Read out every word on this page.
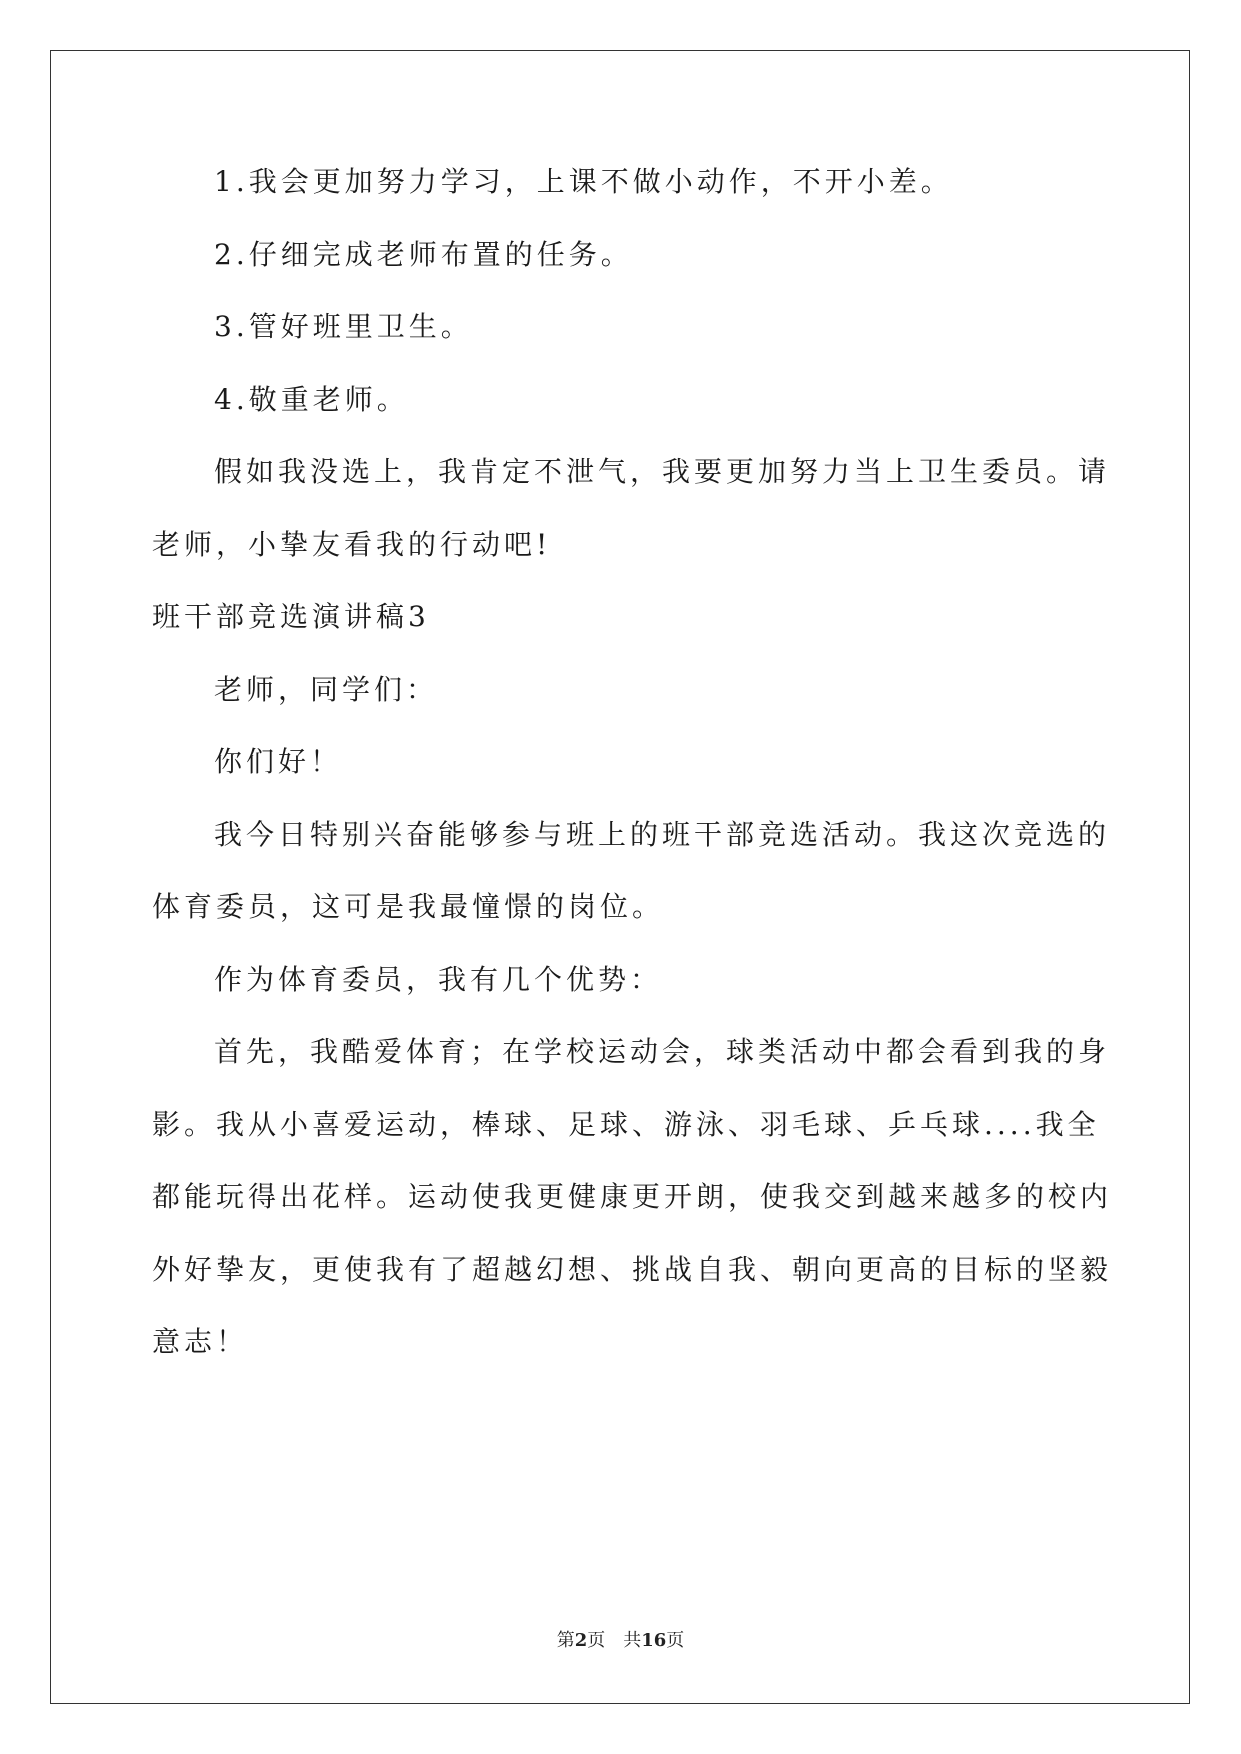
1.我会更加努力学习，上课不做小动作，不开小差。
2.仔细完成老师布置的任务。
3.管好班里卫生。
4.敬重老师。
假如我没选上，我肯定不泄气，我要更加努力当上卫生委员。请
老师，小挚友看我的行动吧!
班干部竞选演讲稿3
老师，同学们：
你们好！
我今日特别兴奋能够参与班上的班干部竞选活动。我这次竞选的
体育委员，这可是我最憧憬的岗位。
作为体育委员，我有几个优势：
首先，我酷爱体育；在学校运动会，球类活动中都会看到我的身
影。我从小喜爱运动，棒球、足球、游泳、羽毛球、乒乓球....我全
都能玩得出花样。运动使我更健康更开朗，使我交到越来越多的校内
外好挚友，更使我有了超越幻想、挑战自我、朝向更高的目标的坚毅
意志！
第2页 共16页
